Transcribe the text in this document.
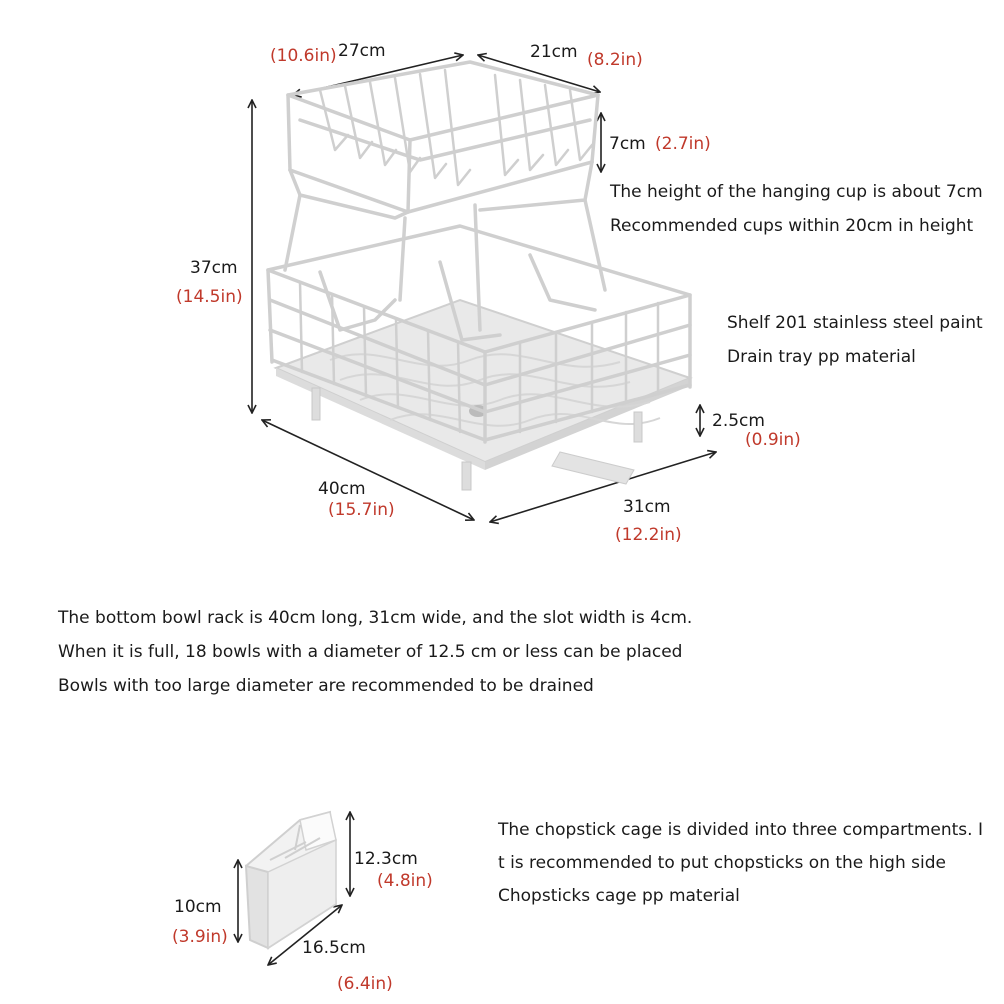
(10.6in) 27cm	21cm (8.2in)
7cm (2.7in)
37cm
(14.5in)
2.5cm
(0.9in)
40cm
(15.7in)	31cm
(12.2in)
The height of the hanging cup is about 7cm
Recommended cups within 20cm in height
Shelf 201 stainless steel paint
Drain tray pp material
The bottom bowl rack is 40cm long, 31cm wide, and the slot width is 4cm.
When it is full, 18 bowls with a diameter of 12.5 cm or less can be placed
Bowls with too large diameter are recommended to be drained
12.3cm
(4.8in)
10cm
(3.9in)
16.5cm
(6.4in)
The chopstick cage is divided into three compartments. I
t is recommended to put chopsticks on the high side
Chopsticks cage pp material
